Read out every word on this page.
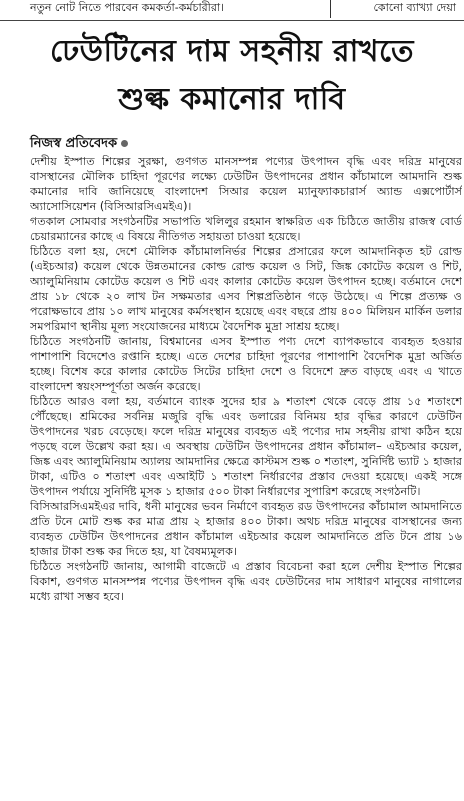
নতুন নোট নিতে পারবেন কমকর্তা-কর্মচারীরা।	কোনো ব্যাখ্যা দেয়া
ঢেউটিনের দাম সহনীয় রাখতে
শুল্ক কমানোর দাবি
নিজস্ব প্রতিবেদক

দেশীয় ইস্পাত শিল্পের সুরক্ষা, গুণগত মানসম্পন্ন পণ্যের উৎপাদন বৃদ্ধি এবং দরিদ্র মানুষের বাসস্থানের মৌলিক চাহিদা পূরণের লক্ষ্যে ঢেউটিন উৎপাদনের প্রধান কাঁচামালে আমদানি শুল্ক কমানোর দাবি জানিয়েছে বাংলাদেশ সিআর কয়েল ম্যানুফ্যাকচারার্স অ্যান্ড এক্সপোর্টার্স অ্যাসোসিয়েশন (বিসিআরসিএমইএ)।

গতকাল সোমবার সংগঠনটির সভাপতি খলিলুর রহমান স্বাক্ষরিত এক চিঠিতে জাতীয় রাজস্ব বোর্ড চেয়ারম্যানের কাছে এ বিষয়ে নীতিগত সহায়তা চাওয়া হয়েছে।

চিঠিতে বলা হয়, দেশে মৌলিক কাঁচামালনির্ভর শিল্পের প্রসারের ফলে আমদানিকৃত হট রোল্ড (এইচআর) কয়েল থেকে উন্নতমানের কোল্ড রোল্ড কয়েল ও সিট, জিঙ্ক কোটেড কয়েল ও শিট, অ্যালুমিনিয়াম কোটেড কয়েল ও শিট এবং কালার কোটেড কয়েল উৎপাদন হচ্ছে। বর্তমানে দেশে প্রায় ১৮ থেকে ২০ লাখ টন সক্ষমতার এসব শিল্পপ্রতিষ্ঠান গড়ে উঠেছে। এ শিল্পে প্রত্যক্ষ ও পরোক্ষভাবে প্রায় ১০ লাখ মানুষের কর্মসংস্থান হয়েছে এবং বছরে প্রায় ৪০০ মিলিয়ন মার্কিন ডলার সমপরিমাণ স্থানীয় মূল্য সংযোজনের মাধ্যমে বৈদেশিক মুদ্রা সাশ্রয় হচ্ছে।

চিঠিতে সংগঠনটি জানায়, বিশ্বমানের এসব ইস্পাত পণ্য দেশে ব্যাপকভাবে ব্যবহৃত হওয়ার পাশাপাশি বিদেশেও রপ্তানি হচ্ছে। এতে দেশের চাহিদা পূরণের পাশাপাশি বৈদেশিক মুদ্রা অর্জিত হচ্ছে। বিশেষ করে কালার কোটেড সিটের চাহিদা দেশে ও বিদেশে দ্রুত বাড়ছে এবং এ খাতে বাংলাদেশ স্বয়ংসম্পূর্ণতা অর্জন করেছে।

চিঠিতে আরও বলা হয়, বর্তমানে ব্যাংক সুদের হার ৯ শতাংশ থেকে বেড়ে প্রায় ১৫ শতাংশে পৌঁছেছে। শ্রমিকের সর্বনিম্ন মজুরি বৃদ্ধি এবং ডলারের বিনিময় হার বৃদ্ধির কারণে ঢেউটিন উৎপাদনের খরচ বেড়েছে। ফলে দরিদ্র মানুষের ব্যবহৃত এই পণ্যের দাম সহনীয় রাখা কঠিন হয়ে পড়ছে বলে উল্লেখ করা হয়। এ অবস্থায় ঢেউটিন উৎপাদনের প্রধান কাঁচামাল– এইচআর কয়েল, জিঙ্ক এবং অ্যালুমিনিয়াম অ্যালয় আমদানির ক্ষেত্রে কাস্টমস শুল্ক ০ শতাংশ, সুনির্দিষ্ট ভ্যাট ১ হাজার টাকা, এটিও ০ শতাংশ এবং এআইটি ১ শতাংশ নির্ধারণের প্রস্তাব দেওয়া হয়েছে। একই সঙ্গে উৎপাদন পর্যায়ে সুনির্দিষ্ট মূসক ১ হাজার ৫০০ টাকা নির্ধারণের সুপারিশ করেছে সংগঠনটি।

বিসিআরসিএমইএর দাবি, ধনী মানুষের ভবন নির্মাণে ব্যবহৃত রড উৎপাদনের কাঁচামাল আমদানিতে প্রতি টনে মোট শুল্ক কর মাত্র প্রায় ২ হাজার ৪০০ টাকা। অথচ দরিদ্র মানুষের বাসস্থানের জন্য ব্যবহৃত ঢেউটিন উৎপাদনের প্রধান কাঁচামাল এইচআর কয়েল আমদানিতে প্রতি টনে প্রায় ১৬ হাজার টাকা শুল্ক কর দিতে হয়, যা বৈষম্যমূলক।

চিঠিতে সংগঠনটি জানায়, আগামী বাজেটে এ প্রস্তাব বিবেচনা করা হলে দেশীয় ইস্পাত শিল্পের বিকাশ, গুণগত মানসম্পন্ন পণ্যের উৎপাদন বৃদ্ধি এবং ঢেউটিনের দাম সাধারণ মানুষের নাগালের মধ্যে রাখা সম্ভব হবে।
